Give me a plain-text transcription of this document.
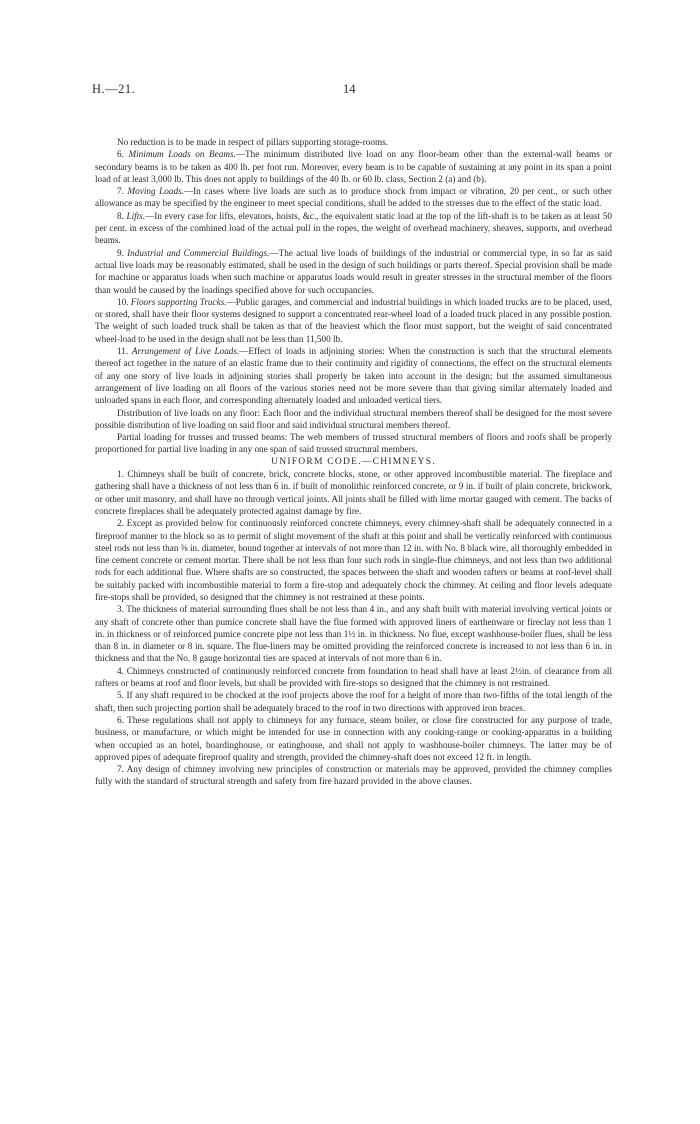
H.—21.	14

No reduction is to be made in respect of pillars supporting storage-rooms.

6. Minimum Loads on Beams.—The minimum distributed live load on any floor-beam other than the external-wall beams or secondary beams is to be taken as 400 lb. per foot run. Moreover, every beam is to be capable of sustaining at any point in its span a point load of at least 3,000 lb. This does not apply to buildings of the 40 lb. or 60 lb. class, Section 2 (a) and (b).

7. Moving Loads.—In cases where live loads are such as to produce shock from impact or vibration, 20 per cent., or such other allowance as may be specified by the engineer to meet special conditions, shall be added to the stresses due to the effect of the static load.

8. Lifts.—In every case for lifts, elevators, hoists, &c., the equivalent static load at the top of the lift-shaft is to be taken as at least 50 per cent. in excess of the combined load of the actual pull in the ropes, the weight of overhead machinery, sheaves, supports, and overhead beams.

9. Industrial and Commercial Buildings.—The actual live loads of buildings of the industrial or commercial type, in so far as said actual live loads may be reasonably estimated, shall be used in the design of such buildings or parts thereof. Special provision shall be made for machine or apparatus loads when such machine or apparatus loads would result in greater stresses in the structural member of the floors than would be caused by the loadings specified above for such occupancies.

10. Floors supporting Trucks.—Public garages, and commercial and industrial buildings in which loaded trucks are to be placed, used, or stored, shall have their floor systems designed to support a concentrated rear-wheel load of a loaded truck placed in any possible postion. The weight of such loaded truck shall be taken as that of the heaviest which the floor must support, but the weight of said concentrated wheel-load to be used in the design shall not be less than 11,500 lb.

11. Arrangement of Live Loads.—Effect of loads in adjoining stories: When the construction is such that the structural elements thereof act together in the nature of an elastic frame due to their continuity and rigidity of connections, the effect on the structural elements of any one story of live loads in adjoining stories shall properly be taken into account in the design; but the assumed simultaneous arrangement of live loading on all floors of the various stories need not be more severe than that giving similar alternately loaded and unloaded spans in each floor, and corresponding alternately loaded and unloaded vertical tiers.

Distribution of live loads on any floor: Each floor and the individual structural members thereof shall be designed for the most severe possible distribution of live loading on said floor and said individual structural members thereof.

Partial loading for trusses and trussed beams: The web members of trussed structural members of floors and roofs shall be properly proportioned for partial live loading in any one span of said trussed structural members.

UNIFORM CODE.—CHIMNEYS.

1. Chimneys shall be built of concrete, brick, concrete blocks, stone, or other approved incombustible material. The fireplace and gathering shall have a thickness of not less than 6 in. if built of monolithic reinforced concrete, or 9 in. if built of plain concrete, brickwork, or other unit masonry, and shall have no through vertical joints. All joints shall be filled with lime mortar gauged with cement. The backs of concrete fireplaces shall be adequately protected against damage by fire.

2. Except as provided below for continuously reinforced concrete chimneys, every chimney-shaft shall be adequately connected in a fireproof manner to the block so as to permit of slight movement of the shaft at this point and shall be vertically reinforced with continuous steel rods not less than ⅜ in. diameter, bound together at intervals of not more than 12 in. with No. 8 black wire, all thoroughly embedded in fine cement concrete or cement mortar. There shall be not less than four such rods in single-flue chimneys, and not less than two additional rods for each additional flue. Where shafts are so constructed, the spaces between the shaft and wooden rafters or beams at roof-level shall be suitably packed with incombustible material to form a fire-stop and adequately chock the chimney. At ceiling and floor levels adequate fire-stops shall be provided, so designed that the chimney is not restrained at these points.

3. The thickness of material surrounding flues shall be not less than 4 in., and any shaft built with material involving vertical joints or any shaft of concrete other than pumice concrete shall have the flue formed with approved liners of earthenware or fireclay not less than 1 in. in thickness or of reinforced pumice concrete pipe not less than 1½ in. in thickness. No flue, except washhouse-boiler flues, shall be less than 8 in. in diameter or 8 in. square. The flue-liners may be omitted providing the reinforced concrete is increased to not less than 6 in. in thickness and that the No. 8 gauge horizontal ties are spaced at intervals of not more than 6 in.

4. Chimneys constructed of continuously reinforced concrete from foundation to head shall have at least 2½in. of clearance from all rafters or beams at roof and floor levels, but shall be provided with fire-stops so designed that the chimney is not restrained.

5. If any shaft required to be chocked at the roof projects above the roof for a height of more than two-fifths of the total length of the shaft, then such projecting portion shall be adequately braced to the roof in two directions with approved iron braces.

6. These regulations shall not apply to chimneys for any furnace, steam boiler, or close fire constructed for any purpose of trade, business, or manufacture, or which might be intended for use in connection with any cooking-range or cooking-apparatus in a building when occupied as an hotel, boardinghouse, or eatinghouse, and shall not apply to washhouse-boiler chimneys. The latter may be of approved pipes of adequate fireproof quality and strength, provided the chimney-shaft does not exceed 12 ft. in length.

7. Any design of chimney involving new principles of construction or materials may be approved, provided the chimney complies fully with the standard of structural strength and safety from fire hazard provided in the above clauses.
